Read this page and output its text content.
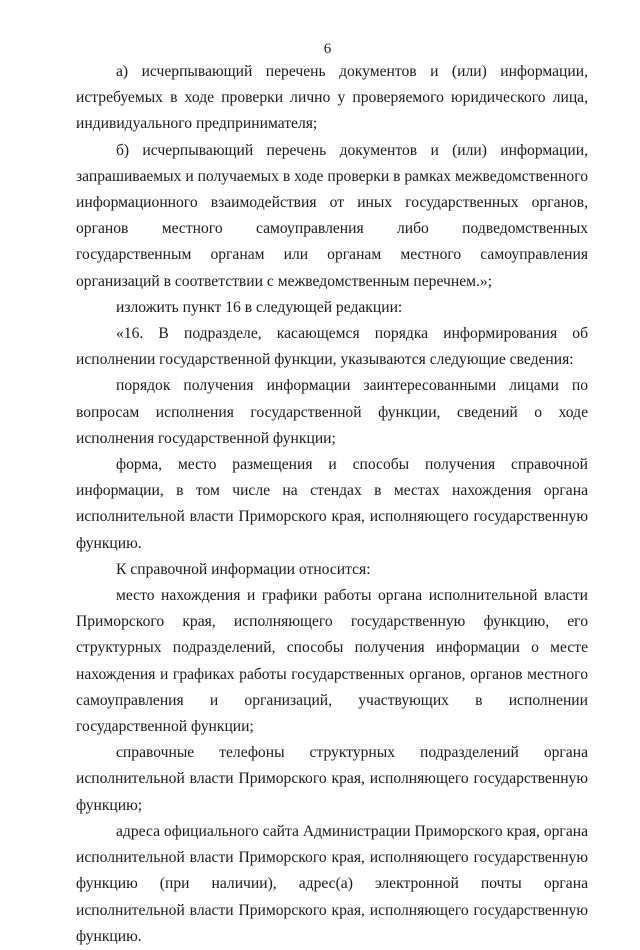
6

а) исчерпывающий перечень документов и (или) информации, истребуемых в ходе проверки лично у проверяемого юридического лица, индивидуального предпринимателя;

б) исчерпывающий перечень документов и (или) информации, запрашиваемых и получаемых в ходе проверки в рамках межведомственного информационного взаимодействия от иных государственных органов, органов местного самоуправления либо подведомственных государственным органам или органам местного самоуправления организаций в соответствии с межведомственным перечнем.»;

изложить пункт 16 в следующей редакции:

«16. В подразделе, касающемся порядка информирования об исполнении государственной функции, указываются следующие сведения:

порядок получения информации заинтересованными лицами по вопросам исполнения государственной функции, сведений о ходе исполнения государственной функции;

форма, место размещения и способы получения справочной информации, в том числе на стендах в местах нахождения органа исполнительной власти Приморского края, исполняющего государственную функцию.

К справочной информации относится:

место нахождения и графики работы органа исполнительной власти Приморского края, исполняющего государственную функцию, его структурных подразделений, способы получения информации о месте нахождения и графиках работы государственных органов, органов местного самоуправления и организаций, участвующих в исполнении государственной функции;

справочные телефоны структурных подразделений органа исполнительной власти Приморского края, исполняющего государственную функцию;

адреса официального сайта Администрации Приморского края, органа исполнительной власти Приморского края, исполняющего государственную функцию (при наличии), адрес(а) электронной почты органа исполнительной власти Приморского края, исполняющего государственную функцию.
